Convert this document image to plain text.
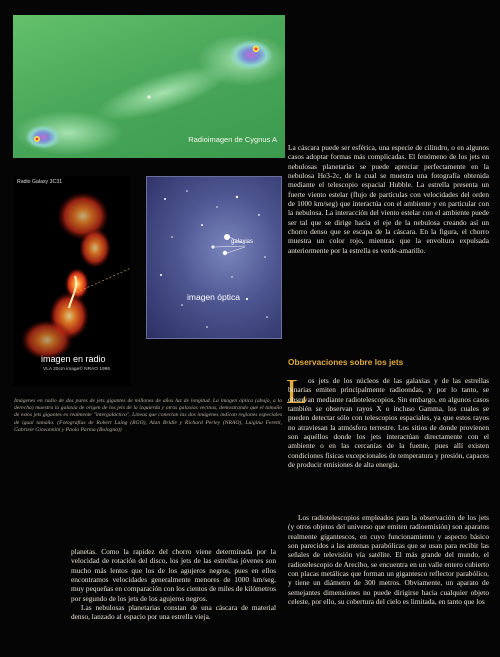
Radioimagen de Cygnus A
Radio Galaxy 3C31
imagen en radio
VLA 20cm image© NRAO 1996
galaxias
imagen óptica
Imágenes en radio de dos pares de jets gigantes de millones de años luz de longitud. La imagen óptica (abajo, a la derecha) muestra la galaxia de origen de los jets de la izquierda y otras galaxias vecinas, demostrando que el tamaño de estos jets gigantes es realmente "intergaláctico". Líneas que conectan las dos imágenes indican regiones especiales de igual tamaño. (Fotografías de Robert Laing (RGO), Alan Bridle y Richard Perley (NRAO), Luigina Feretti, Gabriele Giovannini y Paola Parma (Bologna))

La cáscara puede ser esférica, una especie de cilindro, o en algunos casos adoptar formas más complicadas. El fenómeno de los jets en nebulosas planetarias se puede apreciar perfectamente en la nebulosa He3-2c, de la cual se muestra una fotografía obtenida mediante el telescopio espacial Hubble. La estrella presenta un fuerte viento estelar (flujo de partículas con velocidades del orden de 1000 km/seg) que interactúa con el ambiente y en particular con la nebulosa. La interacción del viento estelar con el ambiente puede ser tal que se dirige hacia el eje de la nebulosa creando así un chorro denso que se escapa de la cáscara. En la figura, el chorro muestra un color rojo, mientras que la envoltura expulsada anteriormente por la estrella es verde-amarillo.

Observaciones sobre los jets
L os jets de los núcleos de las galaxias y de las estrellas binarias emiten principalmente radioondas, y por lo tanto, se observan mediante radiotelescopios. Sin embargo, en algunos casos también se observan rayos X o incluso Gamma, los cuales se pueden detectar sólo con telescopios espaciales, ya que estos rayos no atraviesan la atmósfera terrestre. Los sitios de donde provienen son aquéllos donde los jets interactúan directamente con el ambiente o en las cercanías de la fuente, pues allí existen condiciones físicas excepcionales de temperatura y presión, capaces de producir emisiones de alta energía.

Los radiotelescopios empleados para la observación de los jets (y otros objetos del universo que emiten radioemisión) son aparatos realmente gigantescos, en cuyo funcionamiento y aspecto básico son parecidos a las antenas parabólicas que se usan para recibir las señales de televisión vía satélite. El más grande del mundo, el radiotelescopio de Arecibo, se encuentra en un valle entero cubierto con placas metálicas que forman un gigantesco reflector parabólico, y tiene un diámetro de 300 metros. Obviamente, un aparato de semejantes dimensiones no puede dirigirse hacia cualquier objeto celeste, por ello, su cobertura del cielo es limitada, en tanto que los

planetas. Como la rapidez del chorro viene determinada por la velocidad de rotación del disco, los jets de las estrellas jóvenes son mucho más lentos que los de los agujeros negros, pues en ellos encontramos velocidades generalmente menores de 1000 km/seg, muy pequeñas en comparación con los cientos de miles de kilómetros por segundo de los jets de los agujeros negros.

Las nebulosas planetarias constan de una cáscara de material denso, lanzado al espacio por una estrella vieja.
